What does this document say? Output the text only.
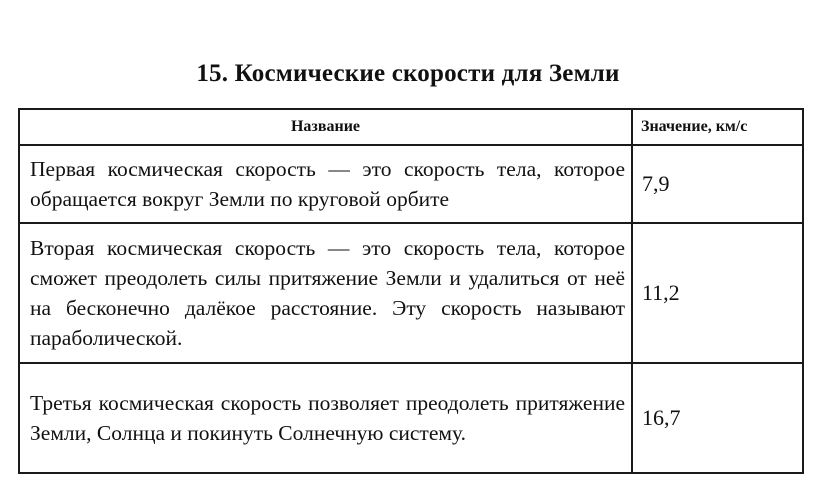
15. Космические скорости для Земли
Название	Значение, км/с
Первая космическая скорость — это скорость тела, которое обращается вокруг Земли по круговой орбите	7,9
Вторая космическая скорость — это скорость тела, которое сможет преодолеть силы притяжение Земли и удалиться от неё на бесконечно далёкое расстояние. Эту скорость называют параболической.	11,2
Третья космическая скорость позволяет преодолеть притяжение Земли, Солнца и покинуть Солнечную систему.	16,7
